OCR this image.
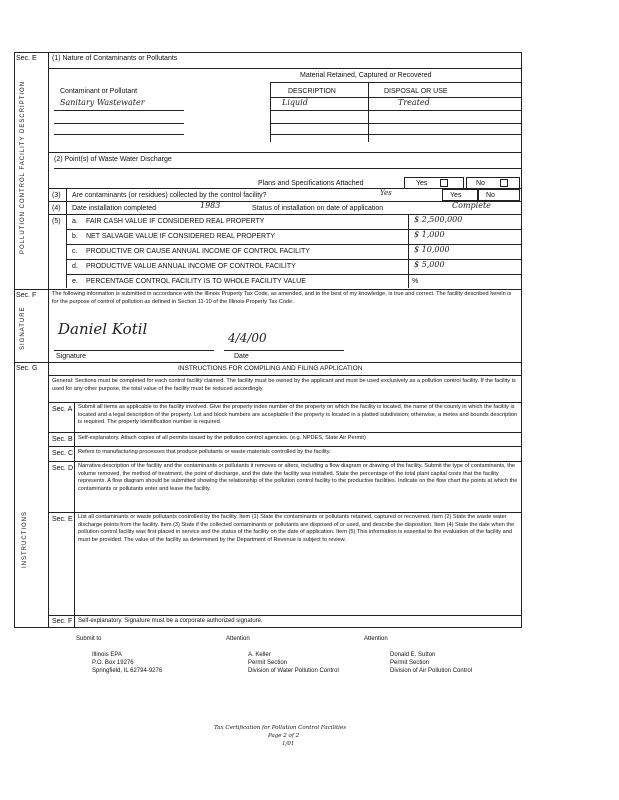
Sec. E (1) Nature of Contaminants or Pollutants
POLLUTION CONTROL FACILITY DESCRIPTION
Material Retained, Captured or Recovered
Contaminant or Pollutant	DESCRIPTION	DISPOSAL OR USE
Sanitary Wastewater	Liquid	Treated
(2) Point(s) of Waste Water Discharge
Plans and Specifications Attached	Yes	No
(3) Are contaminants (or residues) collected by the control facility?	Yes	Yes	No
(4) Date installation completed	1983	Status of installation on date of application	Complete
(5) a. FAIR CASH VALUE IF CONSIDERED REAL PROPERTY	$ 2,500,000
b. NET SALVAGE VALUE IF CONSIDERED REAL PROPERTY	$ 1,000
c. PRODUCTIVE OR CAUSE ANNUAL INCOME OF CONTROL FACILITY	$ 10,000
d. PRODUCTIVE VALUE ANNUAL INCOME OF CONTROL FACILITY	$ 5,000
e. PERCENTAGE CONTROL FACILITY IS TO WHOLE FACILITY VALUE	%
Sec. F
SIGNATURE
The following information is submitted in accordance with the Illinois Property Tax Code, as amended, and to the best of my knowledge, is true and correct. The facility described herein is for the purpose of control of pollution as defined in Section 11-10 of the Illinois Property Tax Code.
Daniel Kotil	4/4/00
Signature	Date
Sec. G
INSTRUCTIONS
INSTRUCTIONS FOR COMPILING AND FILING APPLICATION
General: Sections must be completed for each control facility claimed. The facility must be owned by the applicant and must be used exclusively as a pollution control facility. If the facility is used for any other purpose, the total value of the facility must be reduced accordingly.
Sec. A Submit all items as applicable to the facility involved. Give the property index number of the property on which the facility is located, the name of the county in which the facility is located and a legal description of the property. Lot and block numbers are acceptable if the property is located in a platted subdivision; otherwise, a metes and bounds description is required. The property identification number is required.
Sec. B Self-explanatory. Attach copies of all permits issued by the pollution control agencies. (e.g. NPDES, State Air Permit)
Sec. C Refers to manufacturing processes that produce pollutants or waste materials controlled by the facility.
Sec. D Narrative description of the facility and the contaminants or pollutants it removes or alters, including a flow diagram or drawing of the facility. Submit the type of contaminants, the volume removed, the method of treatment, the point of discharge, and the date the facility was installed. State the percentage of the total plant capital costs that the facility represents. A flow diagram should be submitted showing the relationship of the pollution control facility to the productive facilities. Indicate on the flow chart the points at which the contaminants or pollutants enter and leave the facility.
Sec. E List all contaminants or waste pollutants controlled by the facility. Item (1) State the contaminants or pollutants retained, captured or recovered. Item (2) State the waste water discharge points from the facility. Item (3) State if the collected contaminants or pollutants are disposed of or used, and describe the disposition. Item (4) State the date when the pollution control facility was first placed in service and the status of the facility on the date of application. Item (5) This information is essential to the evaluation of the facility and must be provided. The value of the facility as determined by the Department of Revenue is subject to review.
Sec. F Self-explanatory. Signature must be a corporate authorized signature.
Submit to
Illinois EPA
P.O. Box 19276
Springfield, IL 62794-9276
Attention
A. Keller
Permit Section
Division of Water Pollution Control
Attention
Donald E. Sutton
Permit Section
Division of Air Pollution Control
Tax Certification for Pollution Control Facilities
Page 2 of 2
1/01
